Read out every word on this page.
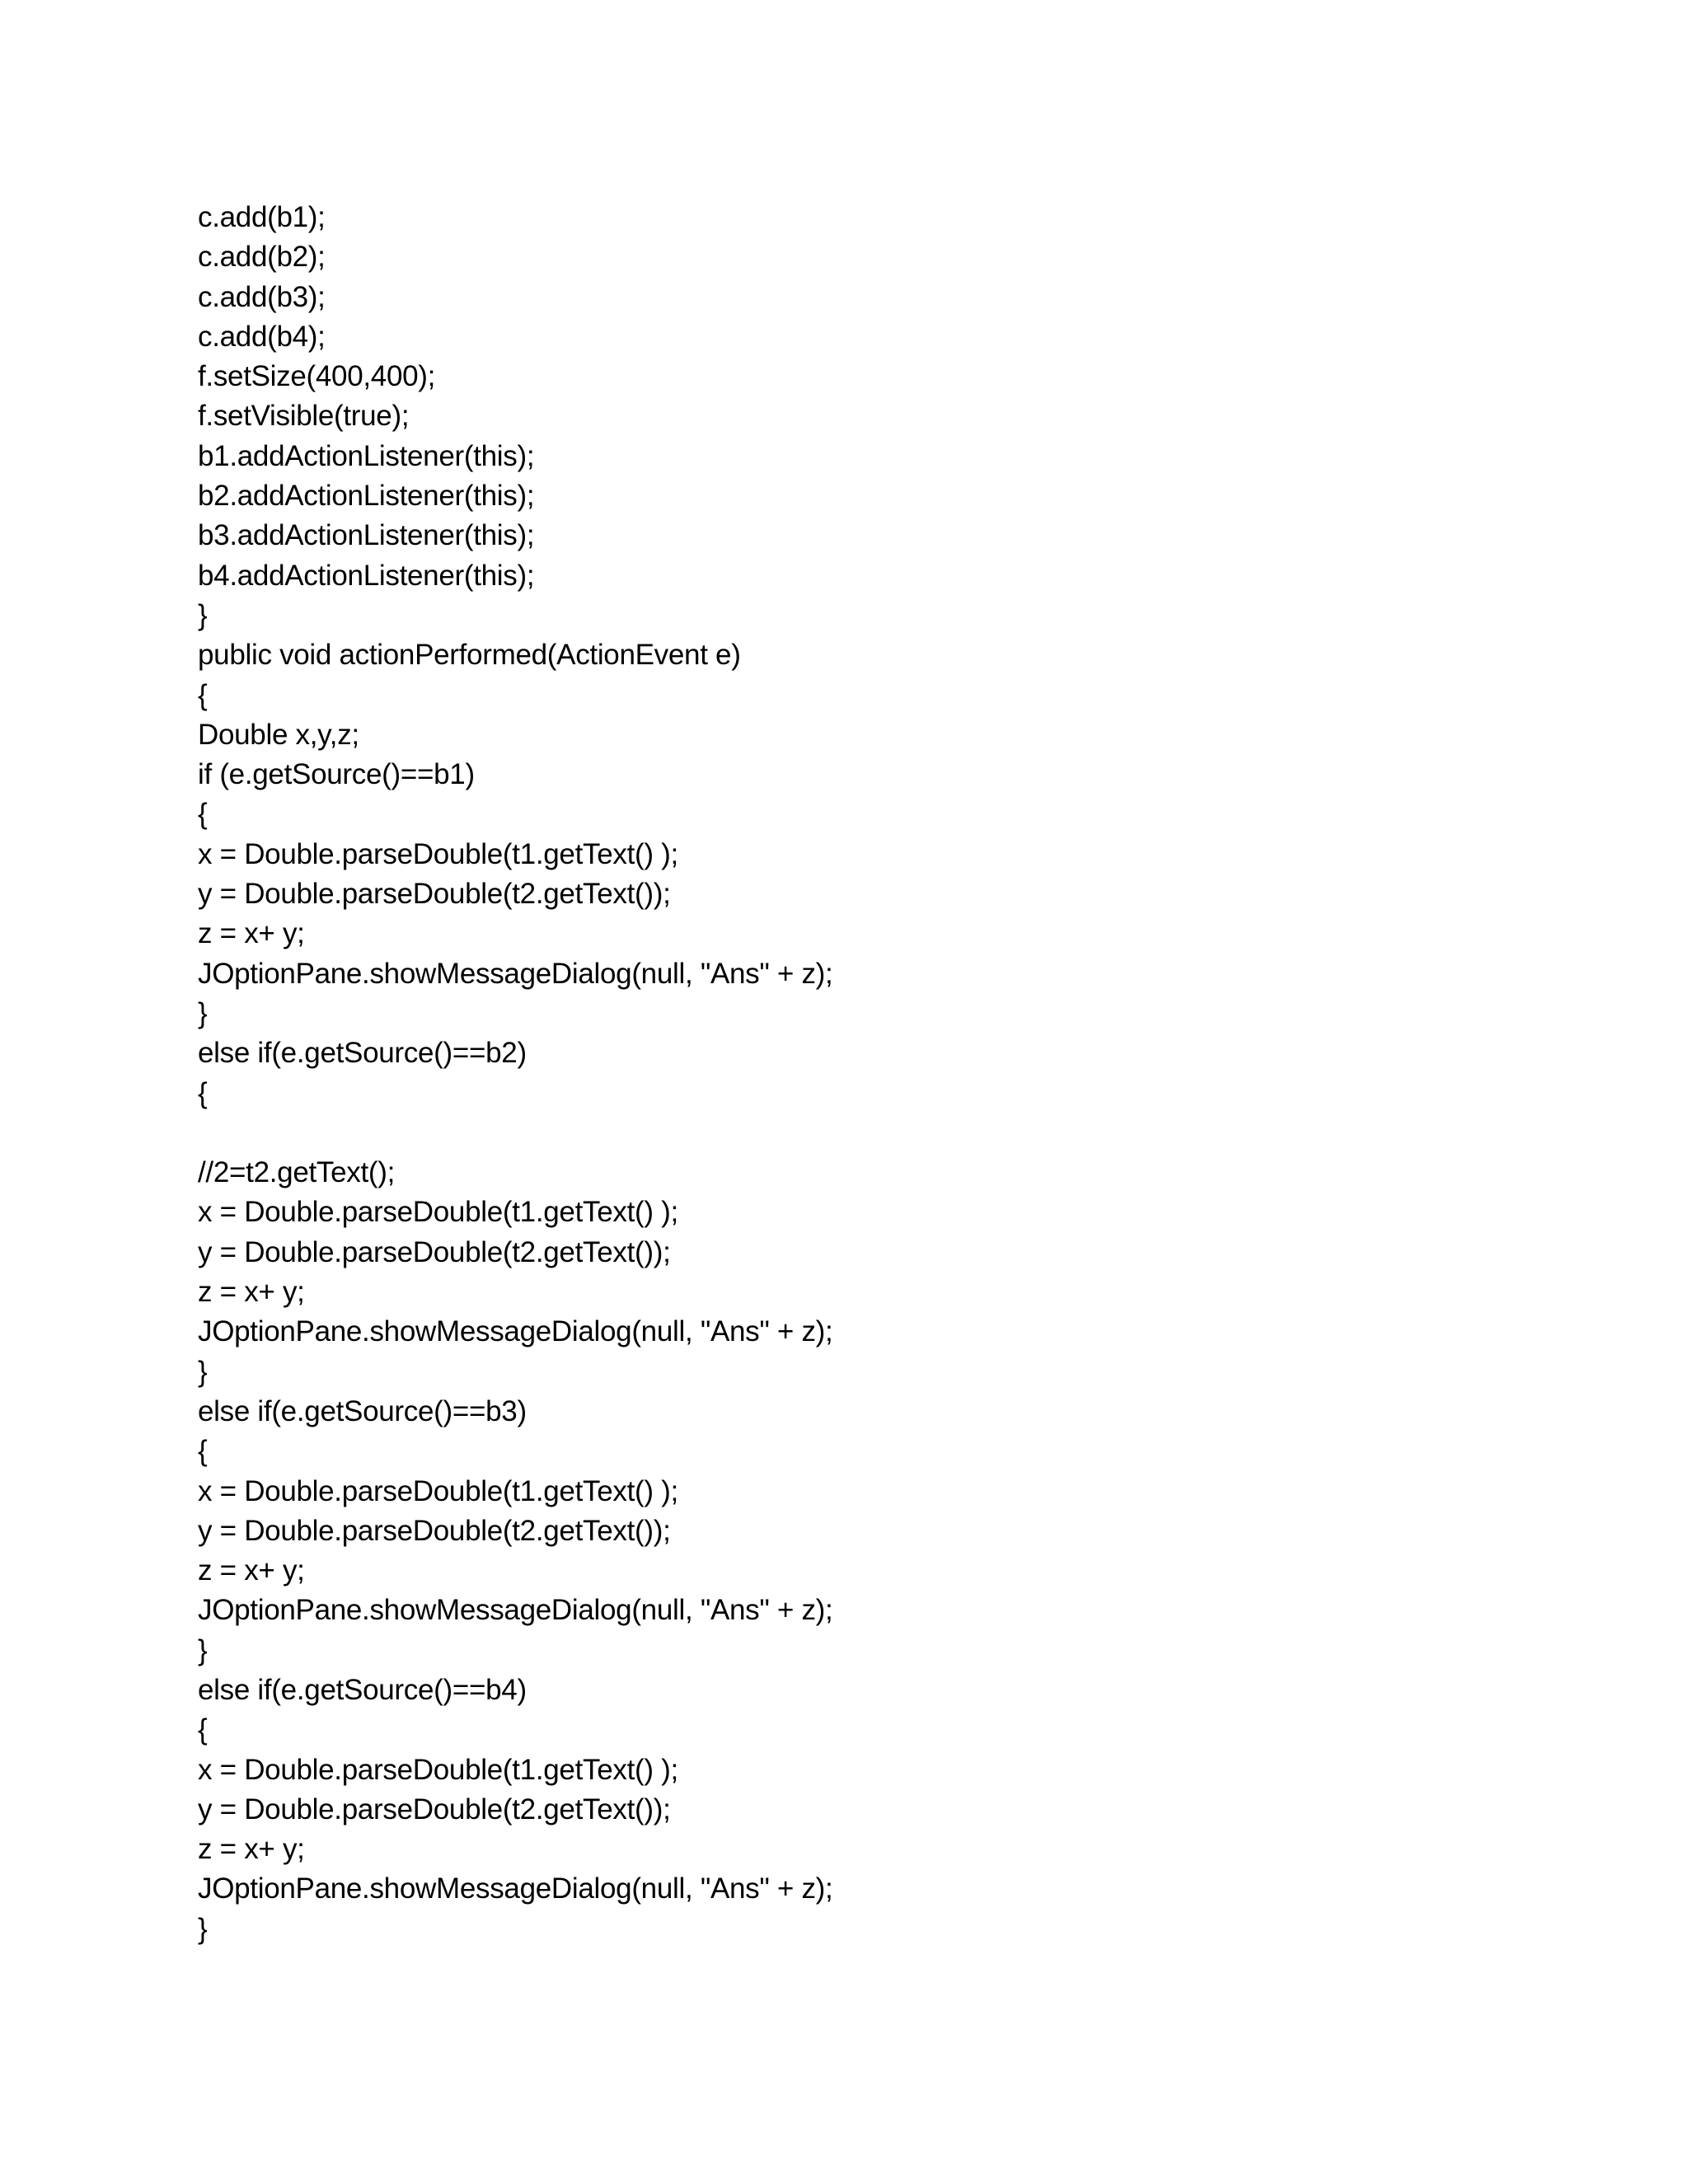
c.add(b1);
c.add(b2);
c.add(b3);
c.add(b4);
f.setSize(400,400);
f.setVisible(true);
b1.addActionListener(this);
b2.addActionListener(this);
b3.addActionListener(this);
b4.addActionListener(this);
}
public void actionPerformed(ActionEvent e)
{
Double x,y,z;
if (e.getSource()==b1)
{
x = Double.parseDouble(t1.getText() );
y = Double.parseDouble(t2.getText());
z = x+ y;
JOptionPane.showMessageDialog(null, "Ans" + z);
}
else if(e.getSource()==b2)
{
//2=t2.getText();
x = Double.parseDouble(t1.getText() );
y = Double.parseDouble(t2.getText());
z = x+ y;
JOptionPane.showMessageDialog(null, "Ans" + z);
}
else if(e.getSource()==b3)
{
x = Double.parseDouble(t1.getText() );
y = Double.parseDouble(t2.getText());
z = x+ y;
JOptionPane.showMessageDialog(null, "Ans" + z);
}
else if(e.getSource()==b4)
{
x = Double.parseDouble(t1.getText() );
y = Double.parseDouble(t2.getText());
z = x+ y;
JOptionPane.showMessageDialog(null, "Ans" + z);
}
